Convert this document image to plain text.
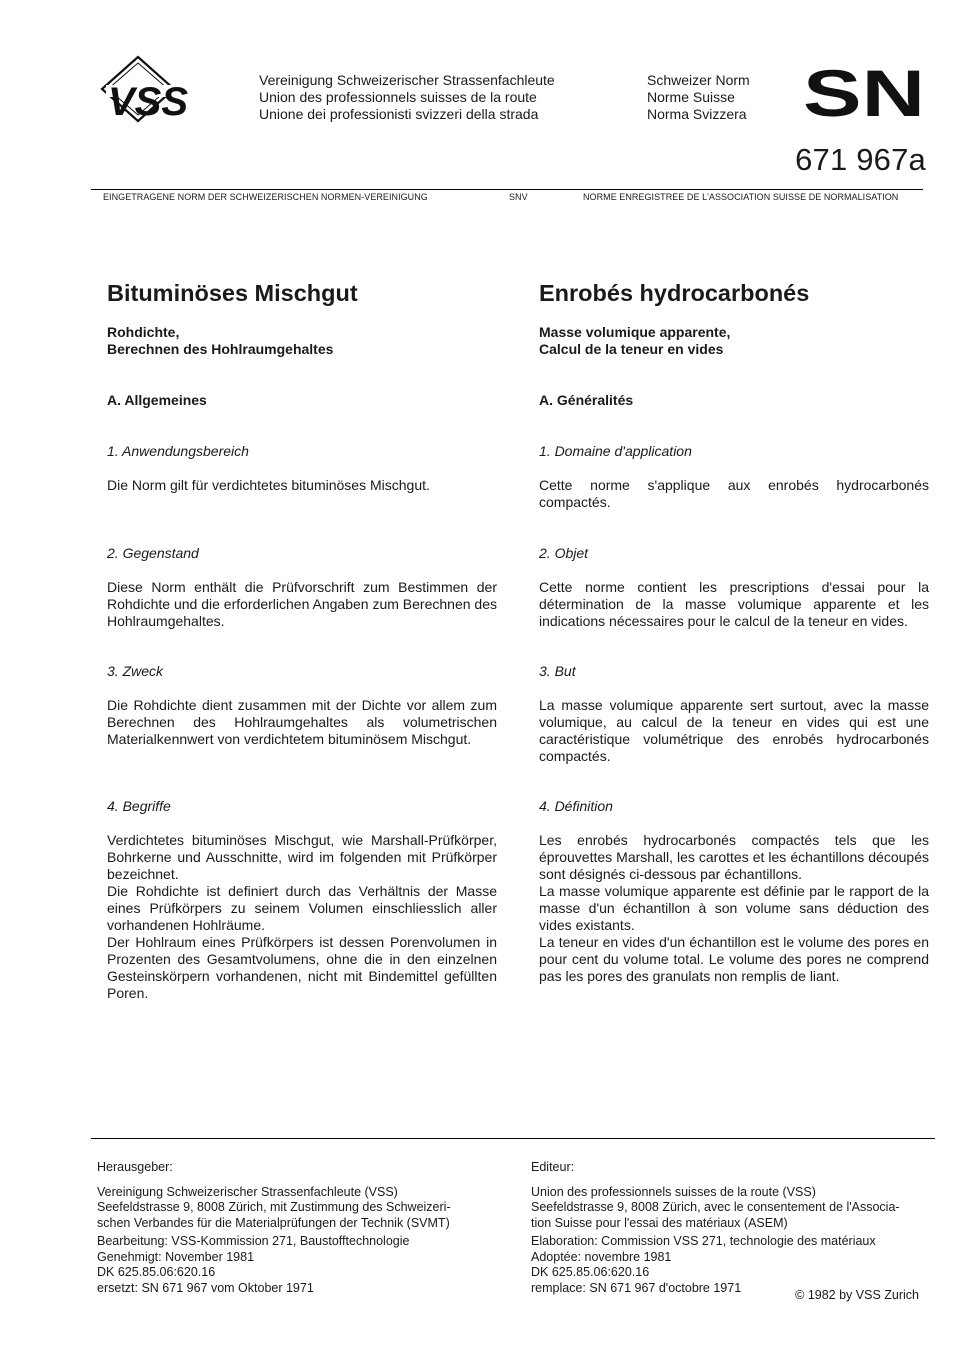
VSS	Vereinigung Schweizerischer Strassenfachleute
Union des professionnels suisses de la route
Unione dei professionisti svizzeri della strada
Schweizer Norm
Norme Suisse
Norma Svizzera SN
671 967a
EINGETRAGENE NORM DER SCHWEIZERISCHEN NORMEN-VEREINIGUNG	SNV	NORME ENREGISTREE DE L'ASSOCIATION SUISSE DE NORMALISATION
Bituminöses Mischgut
Rohdichte,
Berechnen des Hohlraumgehaltes
A. Allgemeines
1. Anwendungsbereich
Die Norm gilt für verdichtetes bituminöses Mischgut.
2. Gegenstand
Diese Norm enthält die Prüfvorschrift zum Bestimmen der Rohdichte und die erforderlichen Angaben zum Berechnen des Hohlraumgehaltes.
3. Zweck
Die Rohdichte dient zusammen mit der Dichte vor allem zum Berechnen des Hohlraumgehaltes als volumetrischen Materialkennwert von verdichtetem bituminösem Mischgut.
4. Begriffe
Verdichtetes bituminöses Mischgut, wie Marshall-Prüfkörper, Bohrkerne und Ausschnitte, wird im folgenden mit Prüfkörper bezeichnet.
Die Rohdichte ist definiert durch das Verhältnis der Masse eines Prüfkörpers zu seinem Volumen einschliesslich aller vorhandenen Hohlräume.
Der Hohlraum eines Prüfkörpers ist dessen Porenvolumen in Prozenten des Gesamtvolumens, ohne die in den einzelnen Gesteinskörpern vorhandenen, nicht mit Bindemittel gefüllten Poren.
Enrobés hydrocarbonés
Masse volumique apparente,
Calcul de la teneur en vides
A. Généralités
1. Domaine d'application
Cette norme s'applique aux enrobés hydrocarbonés compactés.
2. Objet
Cette norme contient les prescriptions d'essai pour la détermination de la masse volumique apparente et les indications nécessaires pour le calcul de la teneur en vides.
3. But
La masse volumique apparente sert surtout, avec la masse volumique, au calcul de la teneur en vides qui est une caractéristique volumétrique des enrobés hydrocarbonés compactés.
4. Définition
Les enrobés hydrocarbonés compactés tels que les éprouvettes Marshall, les carottes et les échantillons découpés sont désignés ci-dessous par échantillons.
La masse volumique apparente est définie par le rapport de la masse d'un échantillon à son volume sans déduction des vides existants.
La teneur en vides d'un échantillon est le volume des pores en pour cent du volume total. Le volume des pores ne comprend pas les pores des granulats non remplis de liant.
Herausgeber:
Vereinigung Schweizerischer Strassenfachleute (VSS)
Seefeldstrasse 9, 8008 Zürich, mit Zustimmung des Schweizeri-
schen Verbandes für die Materialprüfungen der Technik (SVMT)
Bearbeitung: VSS-Kommission 271, Baustofftechnologie
Genehmigt: November 1981
DK 625.85.06:620.16
ersetzt: SN 671 967 vom Oktober 1971
Editeur:
Union des professionnels suisses de la route (VSS)
Seefeldstrasse 9, 8008 Zürich, avec le consentement de l'Associa-
tion Suisse pour l'essai des matériaux (ASEM)
Elaboration: Commission VSS 271, technologie des matériaux
Adoptée: novembre 1981
DK 625.85.06:620.16
remplace: SN 671 967 d'octobre 1971
© 1982 by VSS Zurich
